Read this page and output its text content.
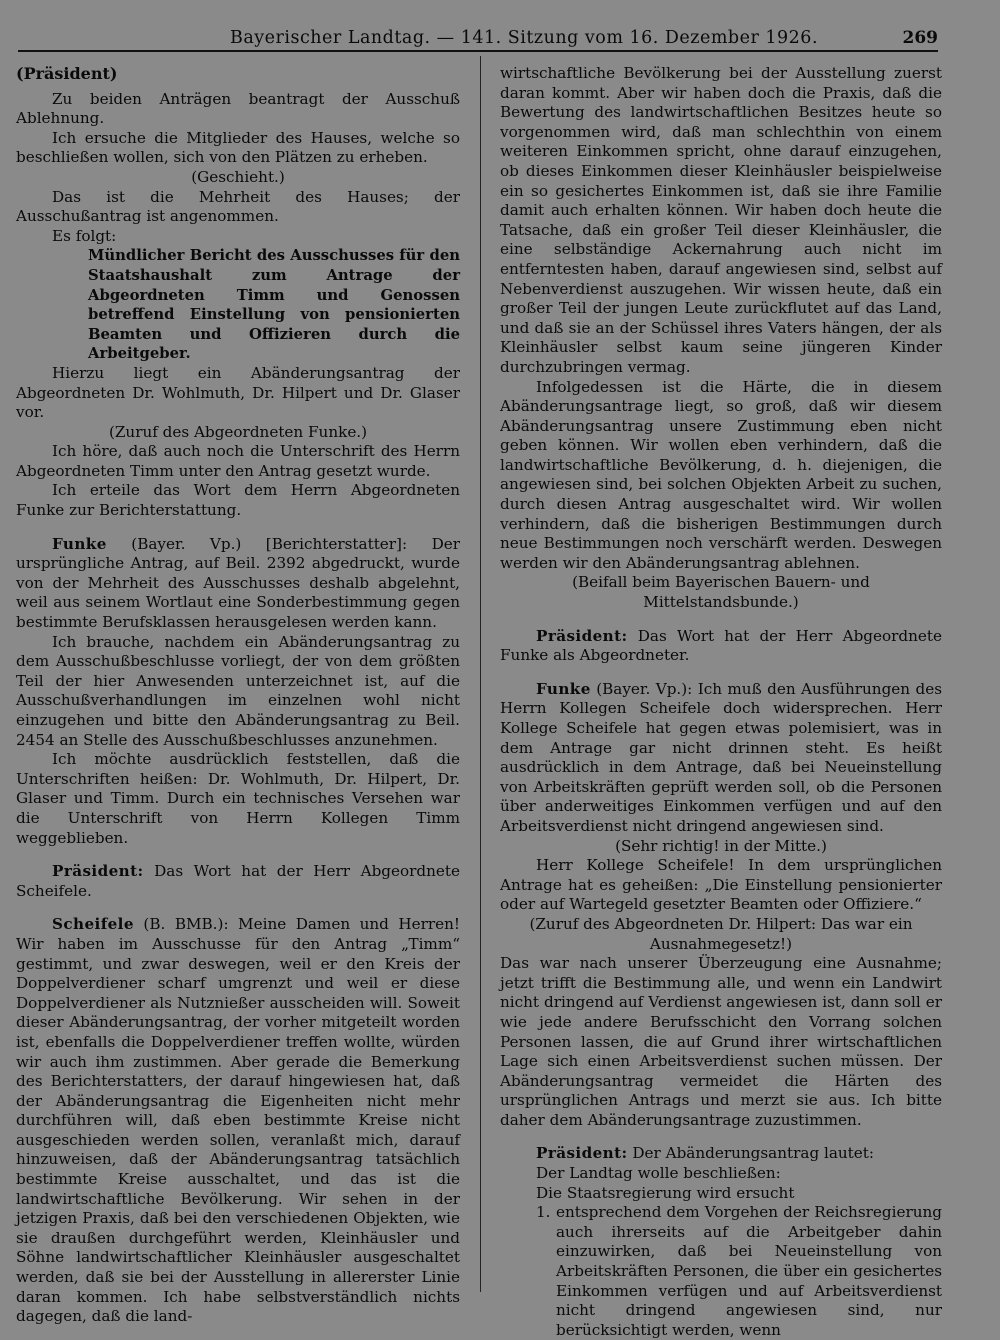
Bayerischer Landtag. — 141. Sitzung vom 16. Dezember 1926.	269

(Präsident)

Zu beiden Anträgen beantragt der Ausschuß Ablehnung.

Ich ersuche die Mitglieder des Hauses, welche so beschließen wollen, sich von den Plätzen zu erheben.

(Geschieht.)

Das ist die Mehrheit des Hauses; der Ausschußantrag ist angenommen.

Es folgt:

Mündlicher Bericht des Ausschusses für den Staatshaushalt zum Antrage der Abgeordneten Timm und Genossen betreffend Einstellung von pensionierten Beamten und Offizieren durch die Arbeitgeber.

Hierzu liegt ein Abänderungsantrag der Abgeordneten Dr. Wohlmuth, Dr. Hilpert und Dr. Glaser vor.

(Zuruf des Abgeordneten Funke.)

Ich höre, daß auch noch die Unterschrift des Herrn Abgeordneten Timm unter den Antrag gesetzt wurde.

Ich erteile das Wort dem Herrn Abgeordneten Funke zur Berichterstattung.

Funke (Bayer. Vp.) [Berichterstatter]: Der ursprüngliche Antrag, auf Beil. 2392 abgedruckt, wurde von der Mehrheit des Ausschusses deshalb abgelehnt, weil aus seinem Wortlaut eine Sonderbestimmung gegen bestimmte Berufsklassen herausgelesen werden kann.

Ich brauche, nachdem ein Abänderungsantrag zu dem Ausschußbeschlusse vorliegt, der von dem größten Teil der hier Anwesenden unterzeichnet ist, auf die Ausschußverhandlungen im einzelnen wohl nicht einzugehen und bitte den Abänderungsantrag zu Beil. 2454 an Stelle des Ausschußbeschlusses anzunehmen.

Ich möchte ausdrücklich feststellen, daß die Unterschriften heißen: Dr. Wohlmuth, Dr. Hilpert, Dr. Glaser und Timm. Durch ein technisches Versehen war die Unterschrift von Herrn Kollegen Timm weggeblieben.

Präsident: Das Wort hat der Herr Abgeordnete Scheifele.

Scheifele (B. BMB.): Meine Damen und Herren! Wir haben im Ausschusse für den Antrag „Timm“ gestimmt, und zwar deswegen, weil er den Kreis der Doppelverdiener scharf umgrenzt und weil er diese Doppelverdiener als Nutznießer ausscheiden will. Soweit dieser Abänderungsantrag, der vorher mitgeteilt worden ist, ebenfalls die Doppelverdiener treffen wollte, würden wir auch ihm zustimmen. Aber gerade die Bemerkung des Berichterstatters, der darauf hingewiesen hat, daß der Abänderungsantrag die Eigenheiten nicht mehr durchführen will, daß eben bestimmte Kreise nicht ausgeschieden werden sollen, veranlaßt mich, darauf hinzuweisen, daß der Abänderungsantrag tatsächlich bestimmte Kreise ausschaltet, und das ist die landwirtschaftliche Bevölkerung. Wir sehen in der jetzigen Praxis, daß bei den verschiedenen Objekten, wie sie draußen durchgeführt werden, Kleinhäusler und Söhne landwirtschaftlicher Kleinhäusler ausgeschaltet werden, daß sie bei der Ausstellung in allererster Linie daran kommen. Ich habe selbstverständlich nichts dagegen, daß die land-

wirtschaftliche Bevölkerung bei der Ausstellung zuerst daran kommt. Aber wir haben doch die Praxis, daß die Bewertung des landwirtschaftlichen Besitzes heute so vorgenommen wird, daß man schlechthin von einem weiteren Einkommen spricht, ohne darauf einzugehen, ob dieses Einkommen dieser Kleinhäusler beispielweise ein so gesichertes Einkommen ist, daß sie ihre Familie damit auch erhalten können. Wir haben doch heute die Tatsache, daß ein großer Teil dieser Kleinhäusler, die eine selbständige Ackernahrung auch nicht im entferntesten haben, darauf angewiesen sind, selbst auf Nebenverdienst auszugehen. Wir wissen heute, daß ein großer Teil der jungen Leute zurückflutet auf das Land, und daß sie an der Schüssel ihres Vaters hängen, der als Kleinhäusler selbst kaum seine jüngeren Kinder durchzubringen vermag.

Infolgedessen ist die Härte, die in diesem Abänderungsantrage liegt, so groß, daß wir diesem Abänderungsantrag unsere Zustimmung eben nicht geben können. Wir wollen eben verhindern, daß die landwirtschaftliche Bevölkerung, d. h. diejenigen, die angewiesen sind, bei solchen Objekten Arbeit zu suchen, durch diesen Antrag ausgeschaltet wird. Wir wollen verhindern, daß die bisherigen Bestimmungen durch neue Bestimmungen noch verschärft werden. Deswegen werden wir den Abänderungsantrag ablehnen.

(Beifall beim Bayerischen Bauern- und Mittelstandsbunde.)

Präsident: Das Wort hat der Herr Abgeordnete Funke als Abgeordneter.

Funke (Bayer. Vp.): Ich muß den Ausführungen des Herrn Kollegen Scheifele doch widersprechen. Herr Kollege Scheifele hat gegen etwas polemisiert, was in dem Antrage gar nicht drinnen steht. Es heißt ausdrücklich in dem Antrage, daß bei Neueinstellung von Arbeitskräften geprüft werden soll, ob die Personen über anderweitiges Einkommen verfügen und auf den Arbeitsverdienst nicht dringend angewiesen sind.

(Sehr richtig! in der Mitte.)

Herr Kollege Scheifele! In dem ursprünglichen Antrage hat es geheißen: „Die Einstellung pensionierter oder auf Wartegeld gesetzter Beamten oder Offiziere.“

(Zuruf des Abgeordneten Dr. Hilpert: Das war ein Ausnahmegesetz!)

Das war nach unserer Überzeugung eine Ausnahme; jetzt trifft die Bestimmung alle, und wenn ein Landwirt nicht dringend auf Verdienst angewiesen ist, dann soll er wie jede andere Berufsschicht den Vorrang solchen Personen lassen, die auf Grund ihrer wirtschaftlichen Lage sich einen Arbeitsverdienst suchen müssen. Der Abänderungsantrag vermeidet die Härten des ursprünglichen Antrags und merzt sie aus. Ich bitte daher dem Abänderungsantrage zuzustimmen.

Präsident: Der Abänderungsantrag lautet:

Der Landtag wolle beschließen:

Die Staatsregierung wird ersucht

1. entsprechend dem Vorgehen der Reichsregierung auch ihrerseits auf die Arbeitgeber dahin einzuwirken, daß bei Neueinstellung von Arbeitskräften Personen, die über ein gesichertes Einkommen verfügen und auf Arbeitsverdienst nicht dringend angewiesen sind, nur berücksichtigt werden, wenn
